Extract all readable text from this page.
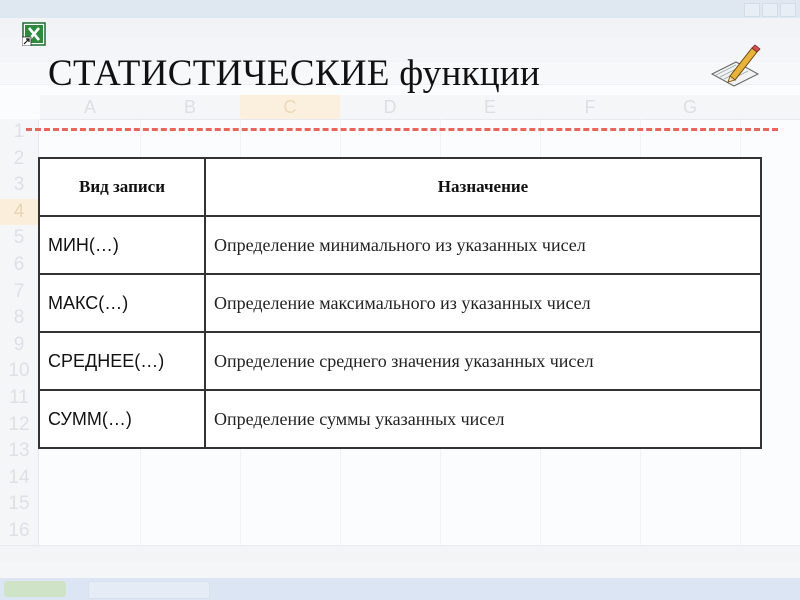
A	B	C	D	E	F	G
1
2
3
4
5
6
7
8
9
10
11
12
13
14
15
16
СТАТИСТИЧЕСКИЕ функции
Вид записи	Назначение
МИН(…)	Определение минимального из указанных чисел
МАКС(…)	Определение максимального из указанных чисел
СРЕДНЕЕ(…)	Определение среднего значения указанных чисел
СУММ(…)	Определение суммы указанных чисел
